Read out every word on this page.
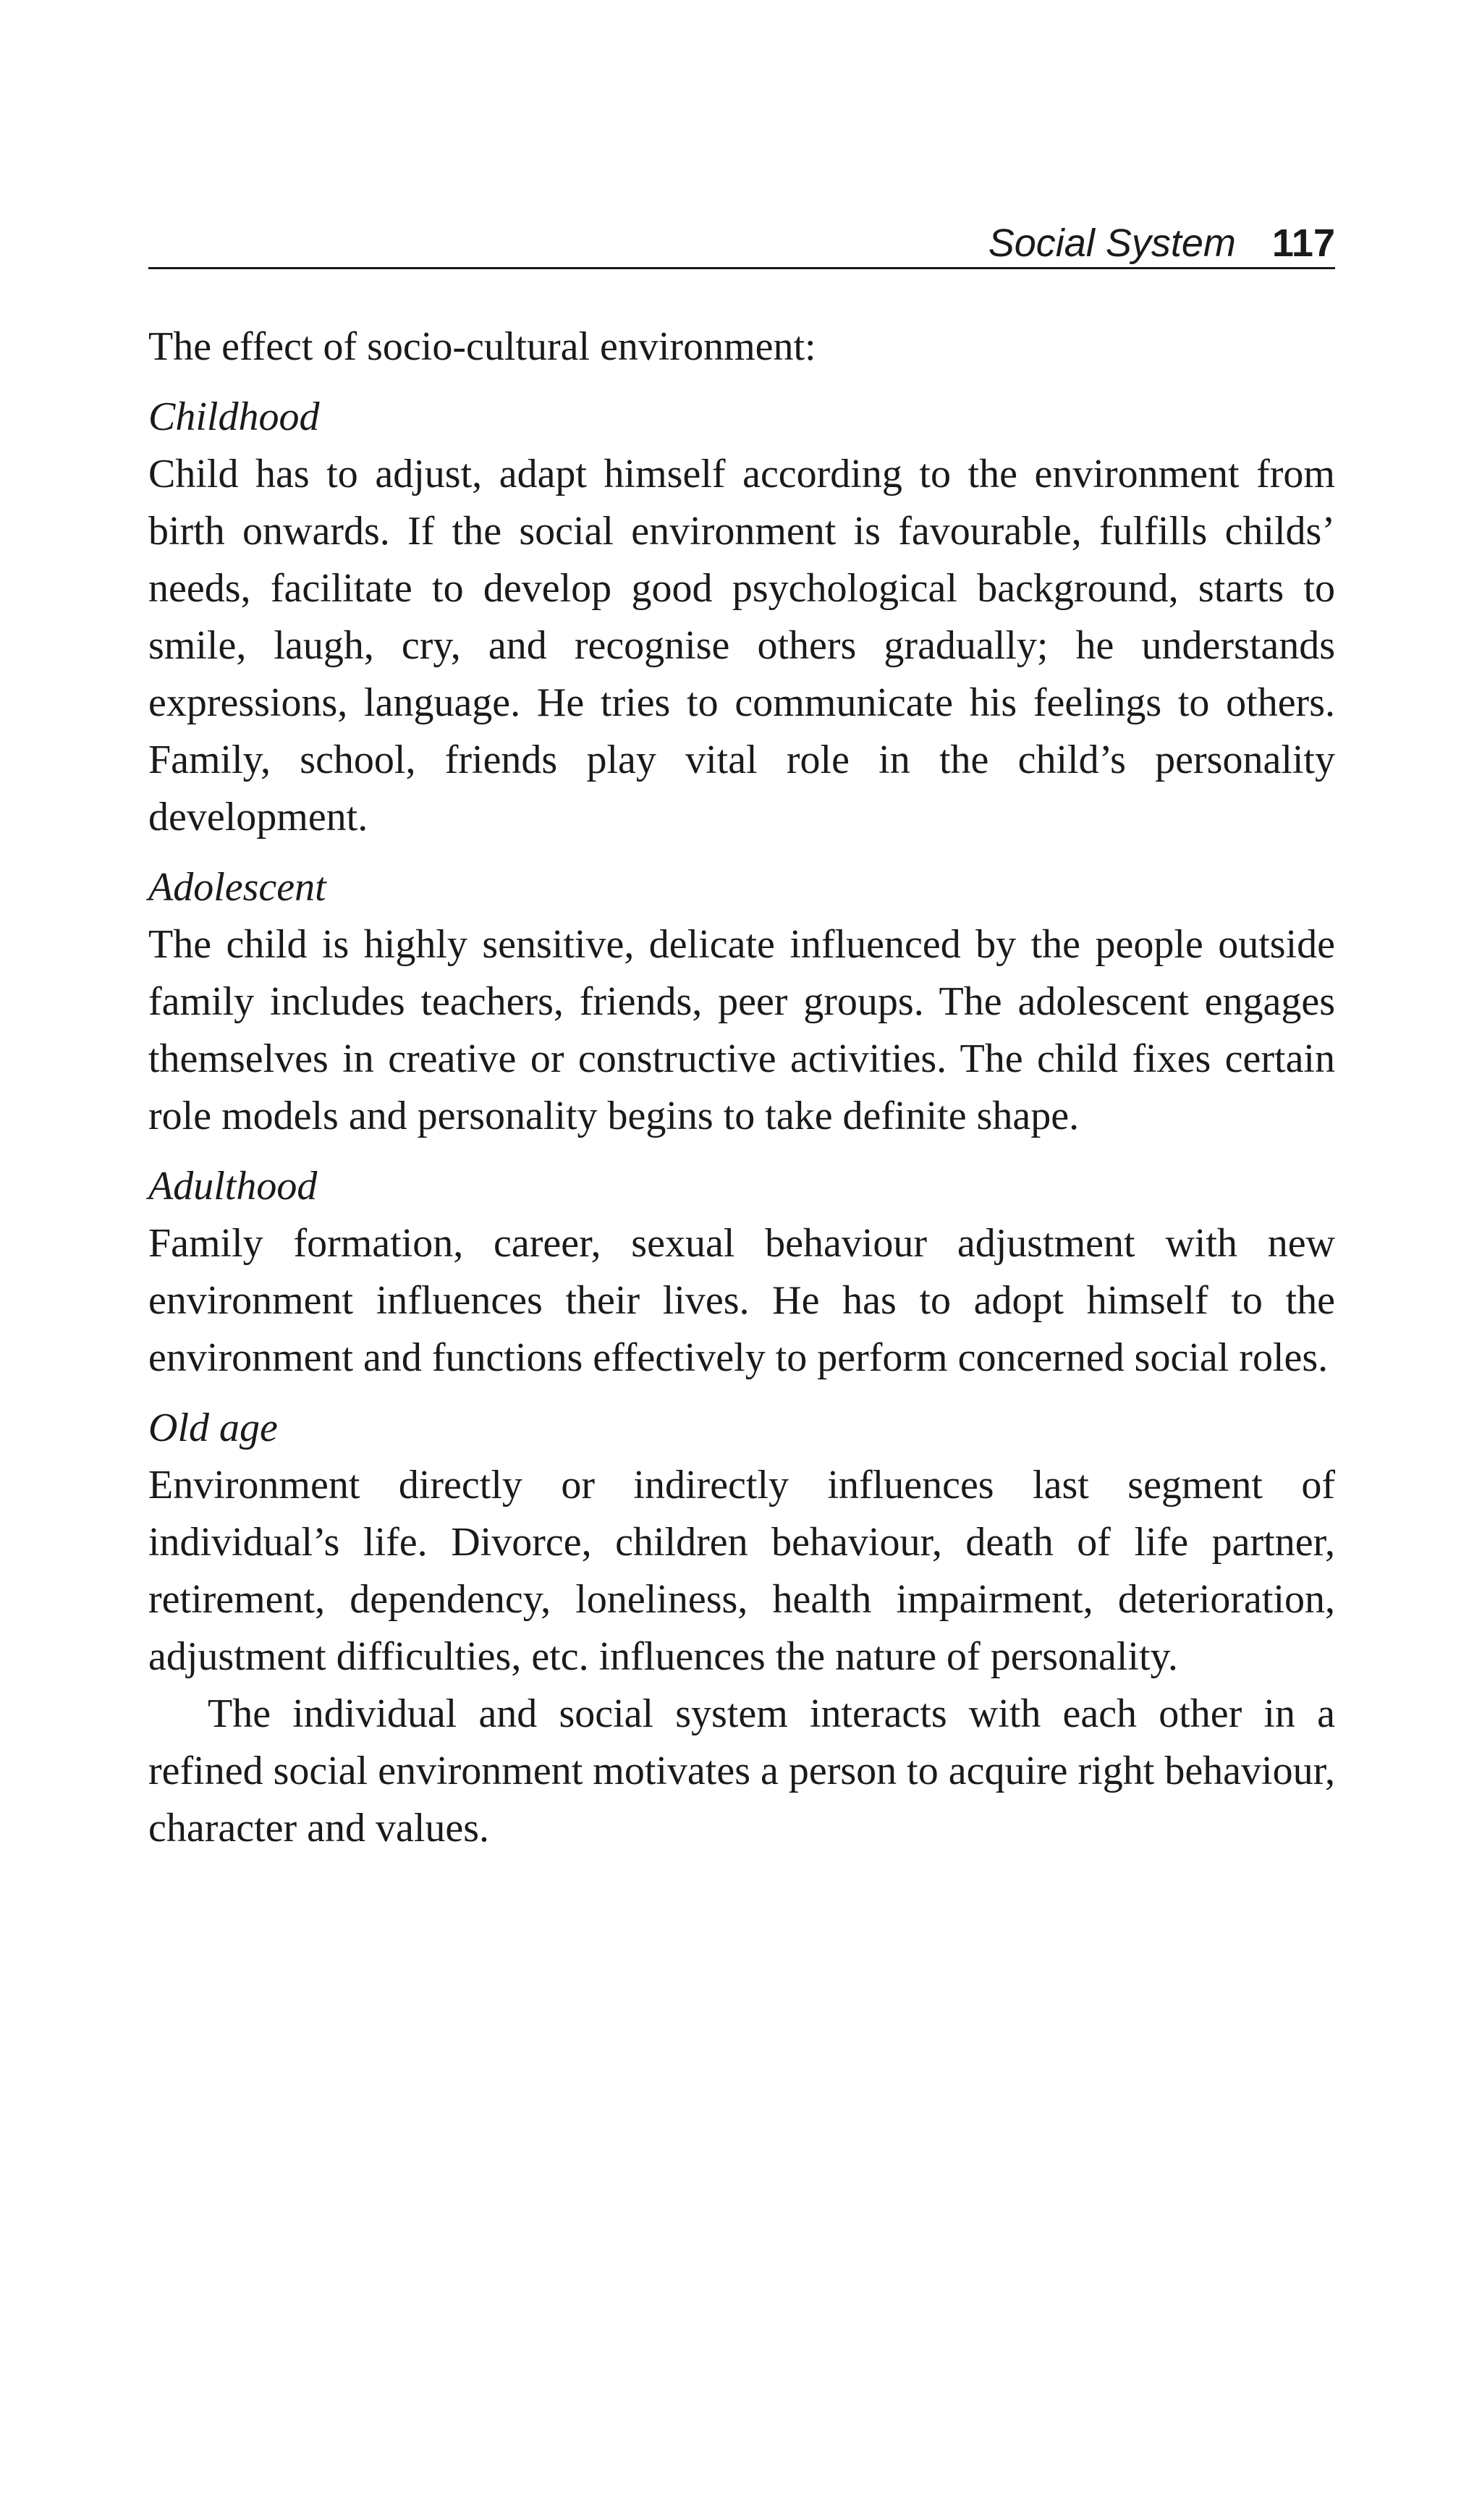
Social System 117

The effect of socio-cultural environment:

Childhood

Child has to adjust, adapt himself according to the environment from birth onwards. If the social environment is favourable, fulfills childs’ needs, facilitate to develop good psychological background, starts to smile, laugh, cry, and recognise others gradually; he understands expressions, language. He tries to communicate his feelings to others. Family, school, friends play vital role in the child’s personality development.

Adolescent

The child is highly sensitive, delicate influenced by the people outside family includes teachers, friends, peer groups. The adolescent engages themselves in creative or constructive activities. The child fixes certain role models and personality begins to take definite shape.

Adulthood

Family formation, career, sexual behaviour adjustment with new environment influences their lives. He has to adopt himself to the environment and functions effectively to perform concerned social roles.

Old age

Environment directly or indirectly influences last segment of individual’s life. Divorce, children behaviour, death of life partner, retirement, dependency, loneliness, health impairment, deterioration, adjustment difficulties, etc. influences the nature of personality.

The individual and social system interacts with each other in a refined social environment motivates a person to acquire right behaviour, character and values.
